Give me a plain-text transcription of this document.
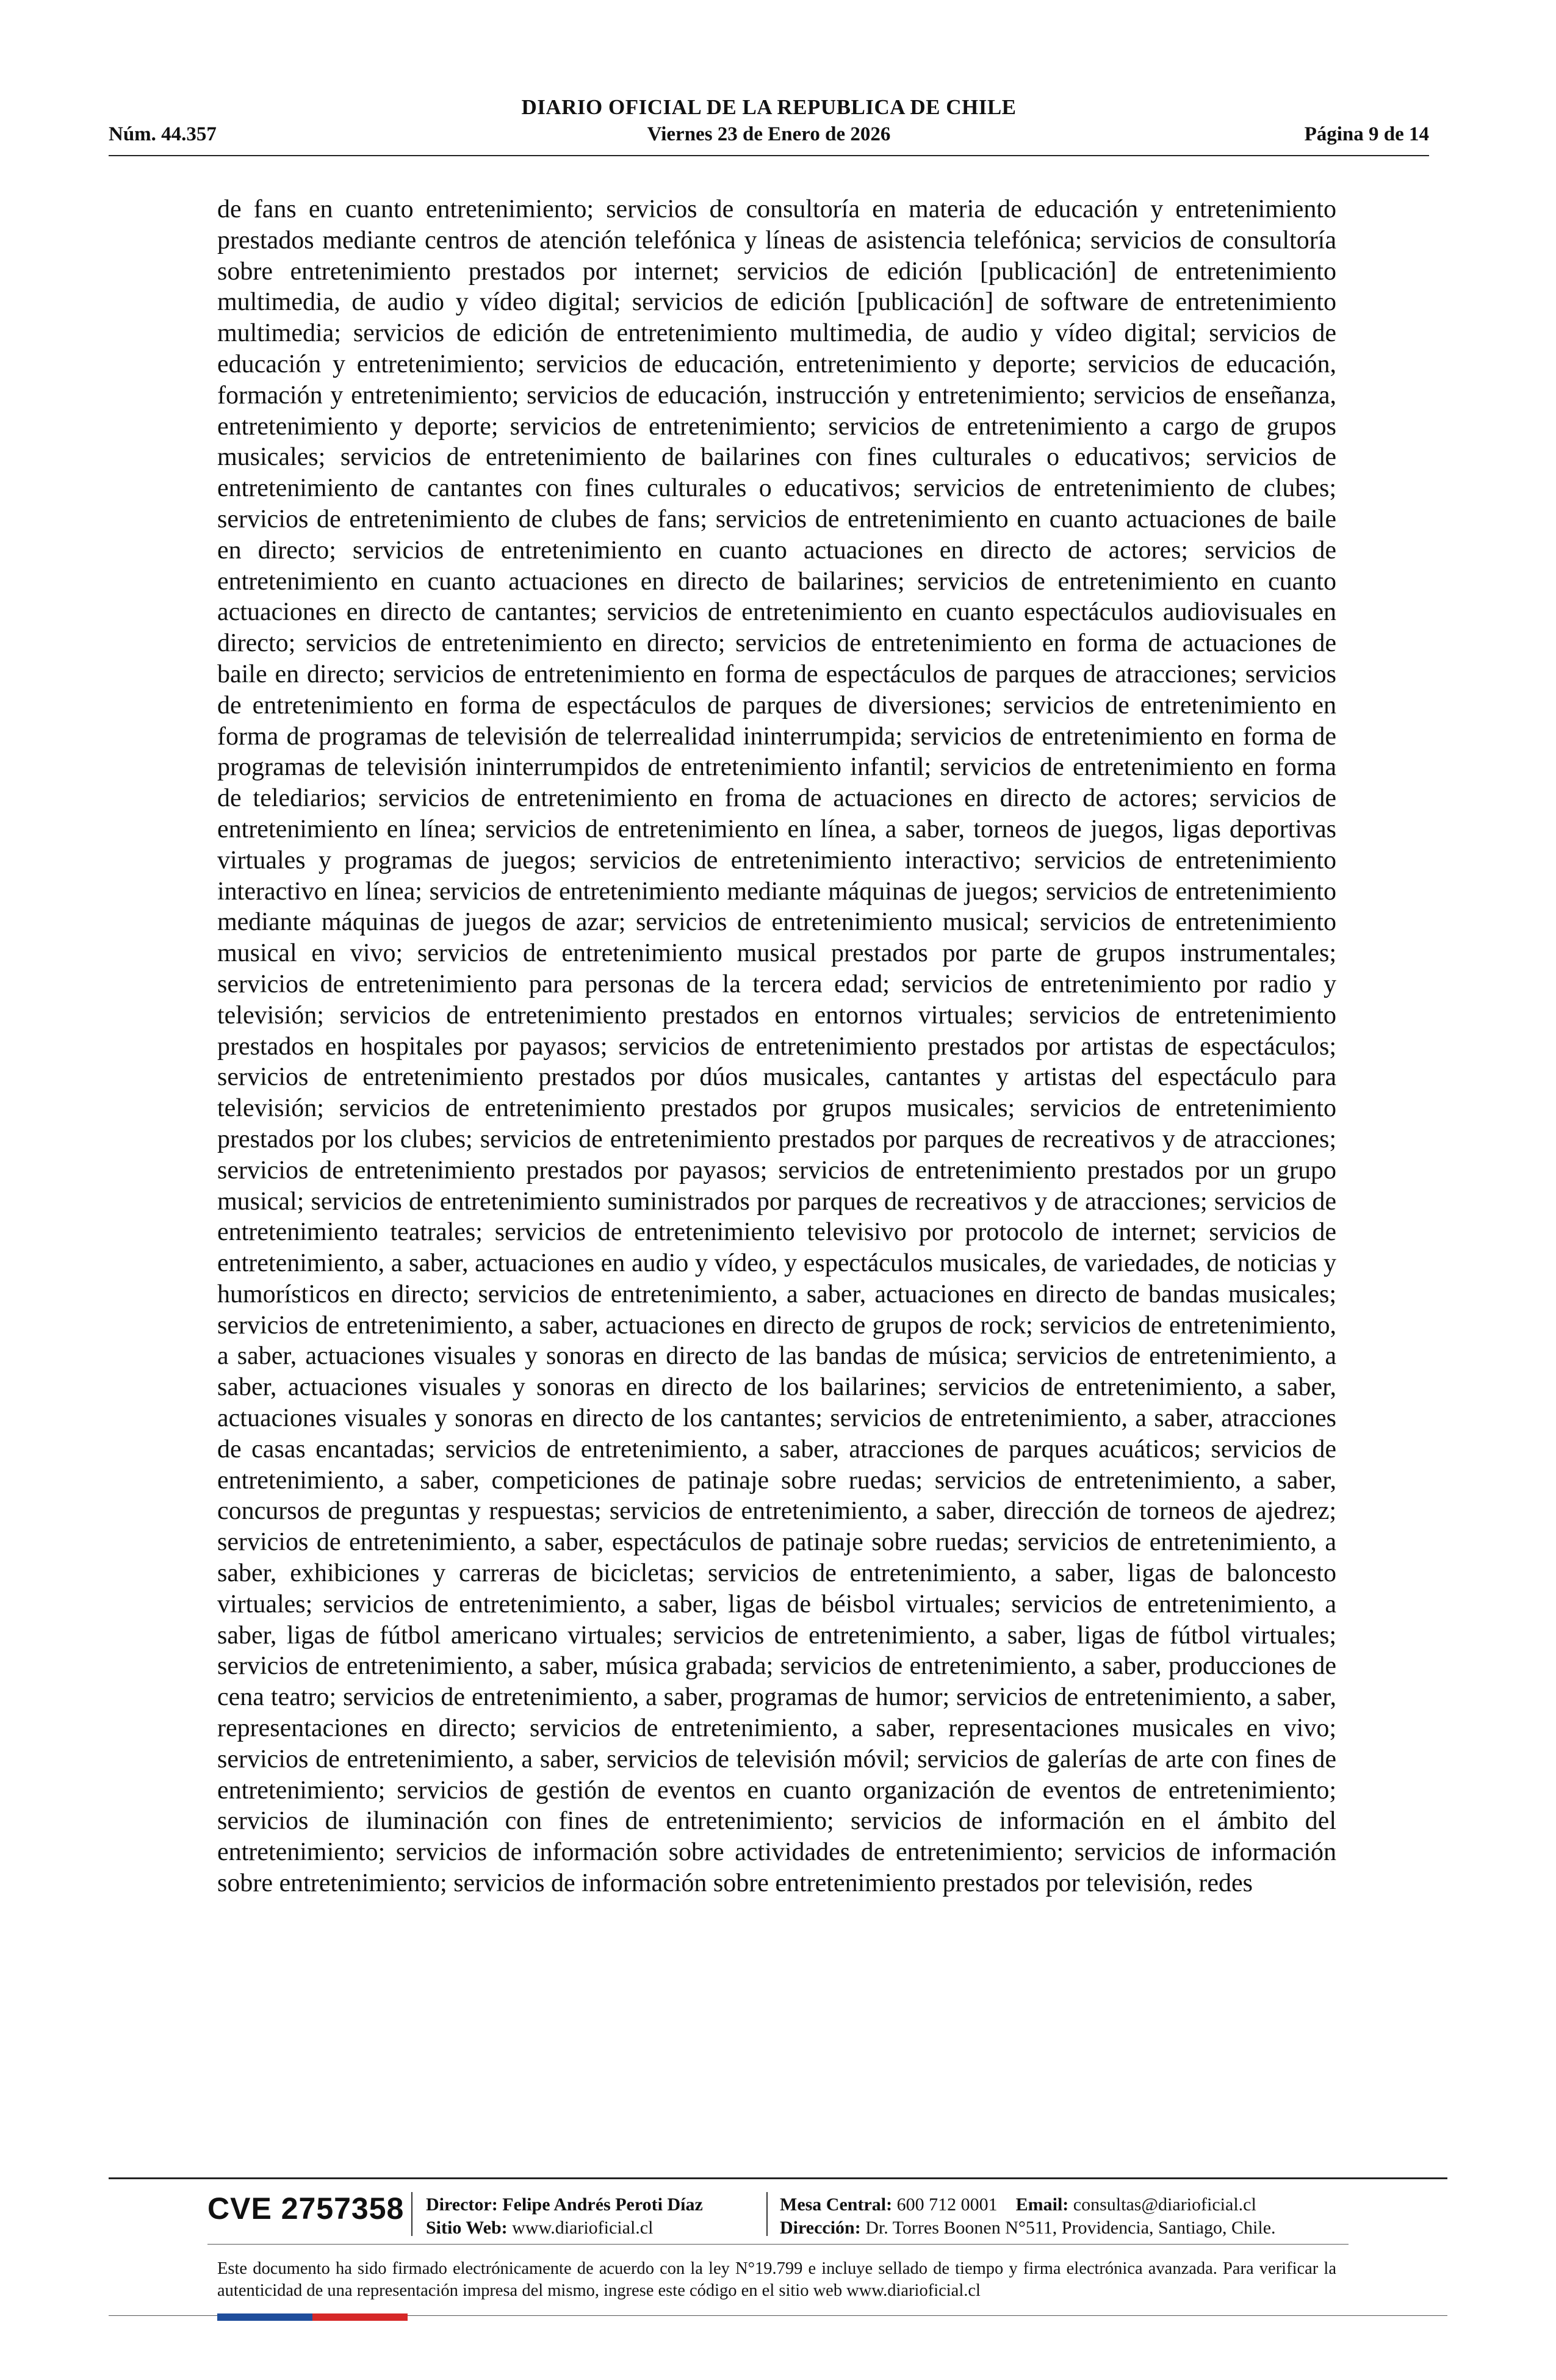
DIARIO OFICIAL DE LA REPUBLICA DE CHILE
Núm. 44.357	Viernes 23 de Enero de 2026	Página 9 de 14

de fans en cuanto entretenimiento; servicios de consultoría en materia de educación y entretenimiento prestados mediante centros de atención telefónica y líneas de asistencia telefónica; servicios de consultoría sobre entretenimiento prestados por internet; servicios de edición [publicación] de entretenimiento multimedia, de audio y vídeo digital; servicios de edición [publicación] de software de entretenimiento multimedia; servicios de edición de entretenimiento multimedia, de audio y vídeo digital; servicios de educación y entretenimiento; servicios de educación, entretenimiento y deporte; servicios de educación, formación y entretenimiento; servicios de educación, instrucción y entretenimiento; servicios de enseñanza, entretenimiento y deporte; servicios de entretenimiento; servicios de entretenimiento a cargo de grupos musicales; servicios de entretenimiento de bailarines con fines culturales o educativos; servicios de entretenimiento de cantantes con fines culturales o educativos; servicios de entretenimiento de clubes; servicios de entretenimiento de clubes de fans; servicios de entretenimiento en cuanto actuaciones de baile en directo; servicios de entretenimiento en cuanto actuaciones en directo de actores; servicios de entretenimiento en cuanto actuaciones en directo de bailarines; servicios de entretenimiento en cuanto actuaciones en directo de cantantes; servicios de entretenimiento en cuanto espectáculos audiovisuales en directo; servicios de entretenimiento en directo; servicios de entretenimiento en forma de actuaciones de baile en directo; servicios de entretenimiento en forma de espectáculos de parques de atracciones; servicios de entretenimiento en forma de espectáculos de parques de diversiones; servicios de entretenimiento en forma de programas de televisión de telerrealidad ininterrumpida; servicios de entretenimiento en forma de programas de televisión ininterrumpidos de entretenimiento infantil; servicios de entretenimiento en forma de telediarios; servicios de entretenimiento en froma de actuaciones en directo de actores; servicios de entretenimiento en línea; servicios de entretenimiento en línea, a saber, torneos de juegos, ligas deportivas virtuales y programas de juegos; servicios de entretenimiento interactivo; servicios de entretenimiento interactivo en línea; servicios de entretenimiento mediante máquinas de juegos; servicios de entretenimiento mediante máquinas de juegos de azar; servicios de entretenimiento musical; servicios de entretenimiento musical en vivo; servicios de entretenimiento musical prestados por parte de grupos instrumentales; servicios de entretenimiento para personas de la tercera edad; servicios de entretenimiento por radio y televisión; servicios de entretenimiento prestados en entornos virtuales; servicios de entretenimiento prestados en hospitales por payasos; servicios de entretenimiento prestados por artistas de espectáculos; servicios de entretenimiento prestados por dúos musicales, cantantes y artistas del espectáculo para televisión; servicios de entretenimiento prestados por grupos musicales; servicios de entretenimiento prestados por los clubes; servicios de entretenimiento prestados por parques de recreativos y de atracciones; servicios de entretenimiento prestados por payasos; servicios de entretenimiento prestados por un grupo musical; servicios de entretenimiento suministrados por parques de recreativos y de atracciones; servicios de entretenimiento teatrales; servicios de entretenimiento televisivo por protocolo de internet; servicios de entretenimiento, a saber, actuaciones en audio y vídeo, y espectáculos musicales, de variedades, de noticias y humorísticos en directo; servicios de entretenimiento, a saber, actuaciones en directo de bandas musicales; servicios de entretenimiento, a saber, actuaciones en directo de grupos de rock; servicios de entretenimiento, a saber, actuaciones visuales y sonoras en directo de las bandas de música; servicios de entretenimiento, a saber, actuaciones visuales y sonoras en directo de los bailarines; servicios de entretenimiento, a saber, actuaciones visuales y sonoras en directo de los cantantes; servicios de entretenimiento, a saber, atracciones de casas encantadas; servicios de entretenimiento, a saber, atracciones de parques acuáticos; servicios de entretenimiento, a saber, competiciones de patinaje sobre ruedas; servicios de entretenimiento, a saber, concursos de preguntas y respuestas; servicios de entretenimiento, a saber, dirección de torneos de ajedrez; servicios de entretenimiento, a saber, espectáculos de patinaje sobre ruedas; servicios de entretenimiento, a saber, exhibiciones y carreras de bicicletas; servicios de entretenimiento, a saber, ligas de baloncesto virtuales; servicios de entretenimiento, a saber, ligas de béisbol virtuales; servicios de entretenimiento, a saber, ligas de fútbol americano virtuales; servicios de entretenimiento, a saber, ligas de fútbol virtuales; servicios de entretenimiento, a saber, música grabada; servicios de entretenimiento, a saber, producciones de cena teatro; servicios de entretenimiento, a saber, programas de humor; servicios de entretenimiento, a saber, representaciones en directo; servicios de entretenimiento, a saber, representaciones musicales en vivo; servicios de entretenimiento, a saber, servicios de televisión móvil; servicios de galerías de arte con fines de entretenimiento; servicios de gestión de eventos en cuanto organización de eventos de entretenimiento; servicios de iluminación con fines de entretenimiento; servicios de información en el ámbito del entretenimiento; servicios de información sobre actividades de entretenimiento; servicios de información sobre entretenimiento; servicios de información sobre entretenimiento prestados por televisión, redes

CVE 2757358 Director: Felipe Andrés Peroti Díaz
Sitio Web: www.diarioficial.cl
Mesa Central: 600 712 0001 Email: consultas@diarioficial.cl
Dirección: Dr. Torres Boonen N°511, Providencia, Santiago, Chile.

Este documento ha sido firmado electrónicamente de acuerdo con la ley N°19.799 e incluye sellado de tiempo y firma electrónica avanzada. Para verificar la autenticidad de una representación impresa del mismo, ingrese este código en el sitio web www.diarioficial.cl
